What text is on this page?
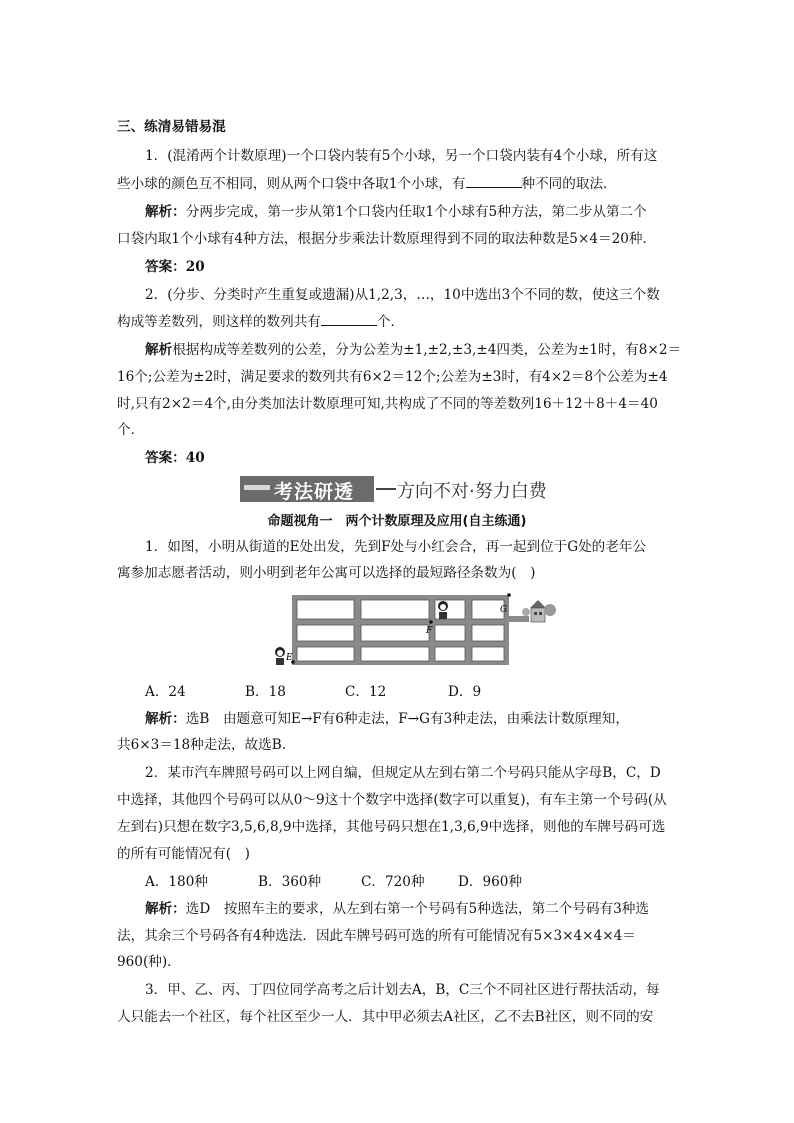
三、练清易错易混
1．(混淆两个计数原理)一个口袋内装有5个小球，另一个口袋内装有4个小球，所有这
些小球的颜色互不相同，则从两个口袋中各取1个小球，有	种不同的取法．
解析：分两步完成，第一步从第1个口袋内任取1个小球有5种方法，第二步从第二个
口袋内取1个小球有4种方法，根据分步乘法计数原理得到不同的取法种数是5×4＝20种．
答案：20
2．(分步、分类时产生重复或遗漏)从1,2,3，…，10中选出3个不同的数，使这三个数
构成等差数列，则这样的数列共有	个．
解析根据构成等差数列的公差，分为公差为±1,±2,±3,±4四类，公差为±1时，有8×2＝
16个;公差为±2时，满足要求的数列共有6×2＝12个;公差为±3时，有4×2＝8个公差为±4
时,只有2×2＝4个,由分类加法计数原理可知,共构成了不同的等差数列16＋12＋8＋4＝40
个．
答案：40
考法研透 方向不对·努力白费
命题视角一　两个计数原理及应用(自主练通)
1．如图，小明从街道的E处出发，先到F处与小红会合，再一起到位于G处的老年公
寓参加志愿者活动，则小明到老年公寓可以选择的最短路径条数为(　)
E
F
G
A．24	B．18	C．12	D．9
解析：选B　由题意可知E→F有6种走法，F→G有3种走法，由乘法计数原理知，
共6×3＝18种走法，故选B.
2．某市汽车牌照号码可以上网自编，但规定从左到右第二个号码只能从字母B，C，D
中选择，其他四个号码可以从0～9这十个数字中选择(数字可以重复)，有车主第一个号码(从
左到右)只想在数字3,5,6,8,9中选择，其他号码只想在1,3,6,9中选择，则他的车牌号码可选
的所有可能情况有(　)
A．180种	B．360种	C．720种 D．960种
解析：选D　按照车主的要求，从左到右第一个号码有5种选法，第二个号码有3种选
法，其余三个号码各有4种选法．因此车牌号码可选的所有可能情况有5×3×4×4×4＝
960(种)．
3．甲、乙、丙、丁四位同学高考之后计划去A，B，C三个不同社区进行帮扶活动，每
人只能去一个社区，每个社区至少一人．其中甲必须去A社区，乙不去B社区，则不同的安
